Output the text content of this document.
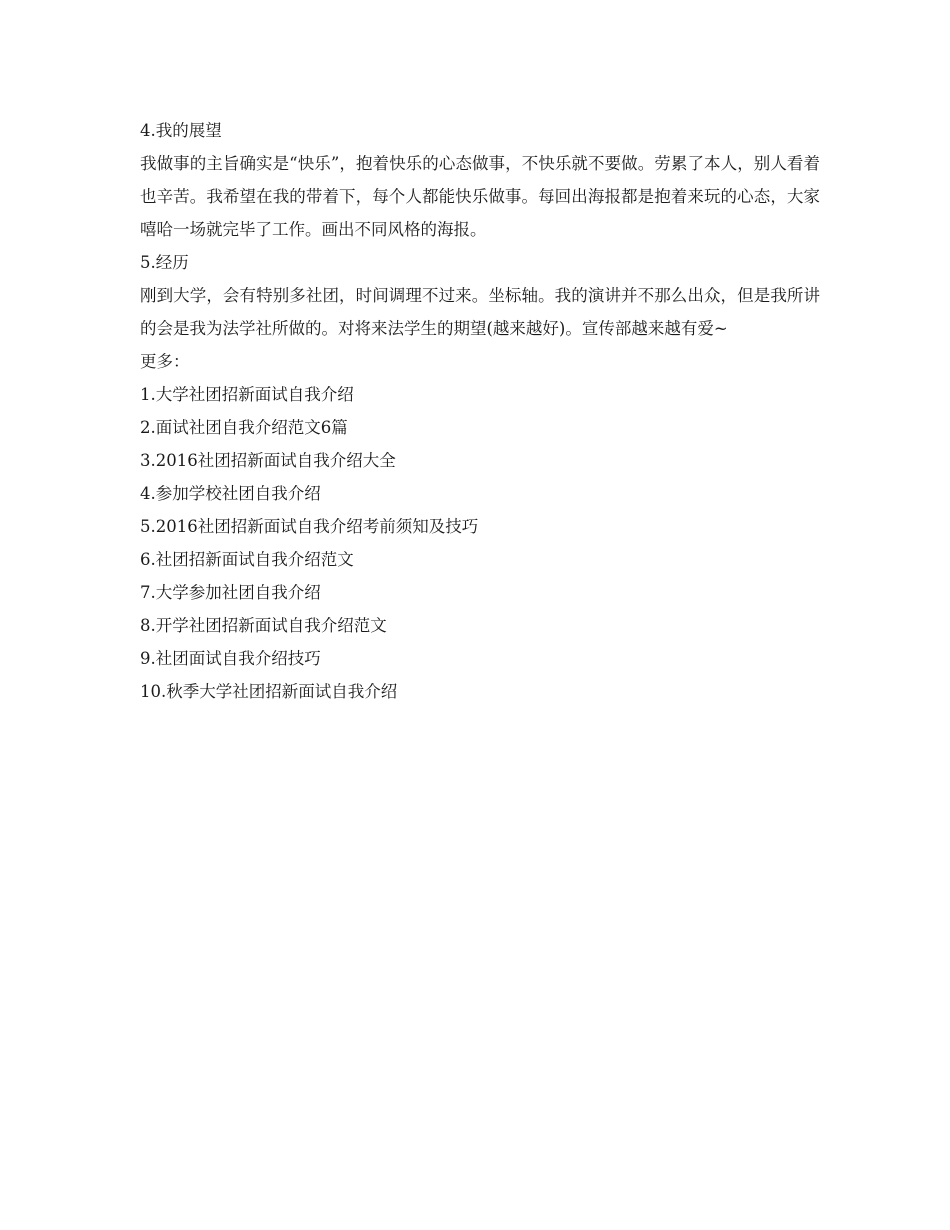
4.我的展望

我做事的主旨确实是“快乐”，抱着快乐的心态做事，不快乐就不要做。劳累了本人，别人看着也辛苦。我希望在我的带着下，每个人都能快乐做事。每回出海报都是抱着来玩的心态，大家嘻哈一场就完毕了工作。画出不同风格的海报。

5.经历

刚到大学，会有特别多社团，时间调理不过来。坐标轴。我的演讲并不那么出众，但是我所讲的会是我为法学社所做的。对将来法学生的期望(越来越好)。宣传部越来越有爱~

更多：

1.大学社团招新面试自我介绍
2.面试社团自我介绍范文6篇
3.2016社团招新面试自我介绍大全
4.参加学校社团自我介绍
5.2016社团招新面试自我介绍考前须知及技巧
6.社团招新面试自我介绍范文
7.大学参加社团自我介绍
8.开学社团招新面试自我介绍范文
9.社团面试自我介绍技巧
10.秋季大学社团招新面试自我介绍
